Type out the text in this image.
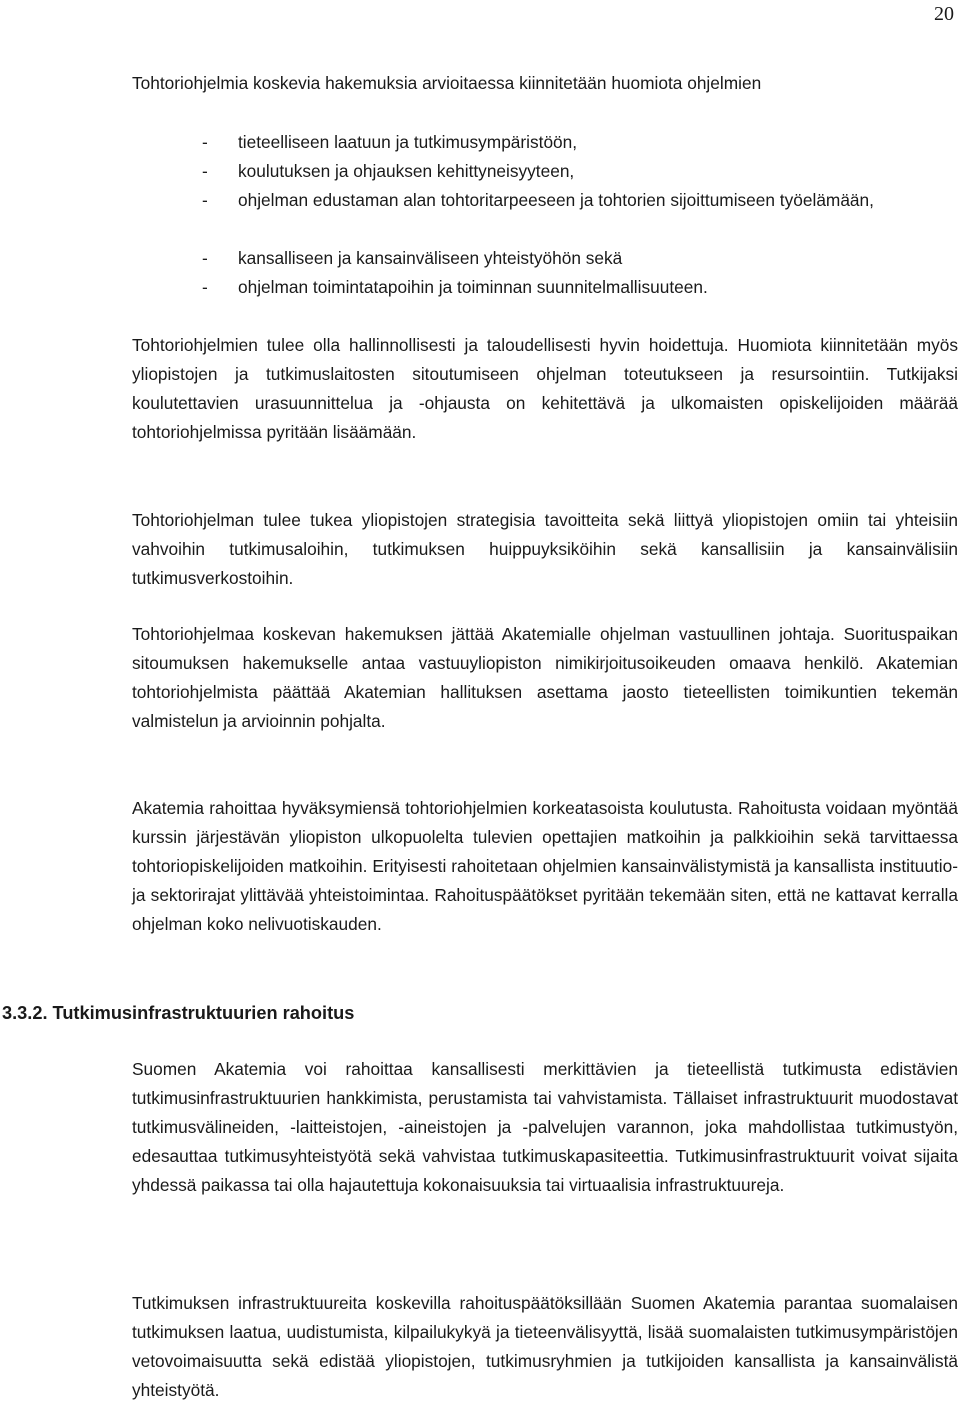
20
Tohtoriohjelmia koskevia hakemuksia arvioitaessa kiinnitetään huomiota ohjelmien
- tieteelliseen laatuun ja tutkimusympäristöön,
- koulutuksen ja ohjauksen kehittyneisyyteen,
- ohjelman edustaman alan tohtoritarpeeseen ja tohtorien sijoittumiseen työelämään,
- kansalliseen ja kansainväliseen yhteistyöhön sekä
- ohjelman toimintatapoihin ja toiminnan suunnitelmallisuuteen.

Tohtoriohjelmien tulee olla hallinnollisesti ja taloudellisesti hyvin hoidettuja. Huomiota kiinnitetään myös yliopistojen ja tutkimuslaitosten sitoutumiseen ohjelman toteutukseen ja resursointiin. Tutkijaksi koulutettavien urasuunnittelua ja -ohjausta on kehitettävä ja ulkomaisten opiskelijoiden määrää tohtoriohjelmissa pyritään lisäämään.

Tohtoriohjelman tulee tukea yliopistojen strategisia tavoitteita sekä liittyä yliopistojen omiin tai yhteisiin vahvoihin tutkimusaloihin, tutkimuksen huippuyksiköihin sekä kansallisiin ja kansainvälisiin tutkimusverkostoihin.

Tohtoriohjelmaa koskevan hakemuksen jättää Akatemialle ohjelman vastuullinen johtaja. Suorituspaikan sitoumuksen hakemukselle antaa vastuuyliopiston nimikirjoitusoikeuden omaava henkilö. Akatemian tohtoriohjelmista päättää Akatemian hallituksen asettama jaosto tieteellisten toimikuntien tekemän valmistelun ja arvioinnin pohjalta.

Akatemia rahoittaa hyväksymiensä tohtoriohjelmien korkeatasoista koulutusta. Rahoitusta voidaan myöntää kurssin järjestävän yliopiston ulkopuolelta tulevien opettajien matkoihin ja palkkioihin sekä tarvittaessa tohtoriopiskelijoiden matkoihin. Erityisesti rahoitetaan ohjelmien kansainvälistymistä ja kansallista instituutio- ja sektorirajat ylittävää yhteistoimintaa. Rahoituspäätökset pyritään tekemään siten, että ne kattavat kerralla ohjelman koko nelivuotiskauden.

3.3.2. Tutkimusinfrastruktuurien rahoitus

Suomen Akatemia voi rahoittaa kansallisesti merkittävien ja tieteellistä tutkimusta edistävien tutkimusinfrastruktuurien hankkimista, perustamista tai vahvistamista. Tällaiset infrastruktuurit muodostavat tutkimusvälineiden, -laitteistojen, -aineistojen ja -palvelujen varannon, joka mahdollistaa tutkimustyön, edesauttaa tutkimusyhteistyötä sekä vahvistaa tutkimuskapasiteettia. Tutkimusinfrastruktuurit voivat sijaita yhdessä paikassa tai olla hajautettuja kokonaisuuksia tai virtuaalisia infrastruktuureja.

Tutkimuksen infrastruktuureita koskevilla rahoituspäätöksillään Suomen Akatemia parantaa suomalaisen tutkimuksen laatua, uudistumista, kilpailukykyä ja tieteenvälisyyttä, lisää suomalaisten tutkimusympäristöjen vetovoimaisuutta sekä edistää yliopistojen, tutkimusryhmien ja tutkijoiden kansallista ja kansainvälistä yhteistyötä.
